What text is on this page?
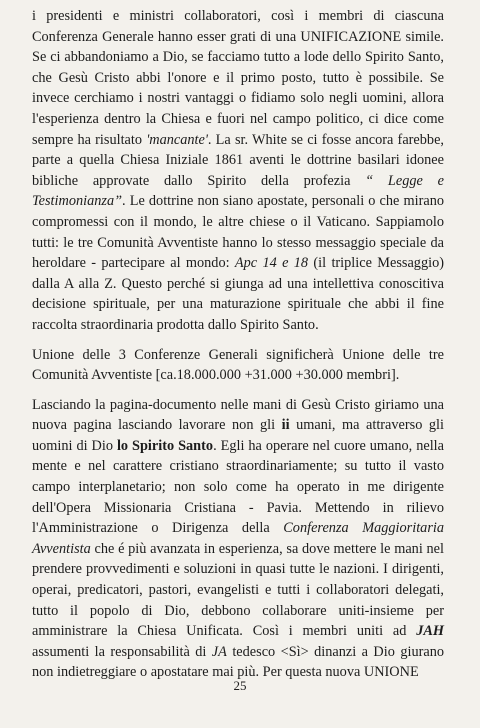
i presidenti e ministri collaboratori, così i membri di ciascuna Conferenza Generale hanno esser grati di una UNIFICAZIONE simile. Se ci abbandoniamo a Dio, se facciamo tutto a lode dello Spirito Santo, che Gesù Cristo abbi l'onore e il primo posto, tutto è possibile. Se invece cerchiamo i nostri vantaggi o fidiamo solo negli uomini, allora l'esperienza dentro la Chiesa e fuori nel campo politico, ci dice come sempre ha risultato 'mancante'. La sr. White se ci fosse ancora farebbe, parte a quella Chiesa Iniziale 1861 aventi le dottrine basilari idonee bibliche approvate dallo Spirito della profezia “ Legge e Testimonianza”. Le dottrine non siano apostate, personali o che mirano compromessi con il mondo, le altre chiese o il Vaticano. Sappiamolo tutti: le tre Comunità Avventiste hanno lo stesso messaggio speciale da heroldare - partecipare al mondo: Apc 14 e 18 (il triplice Messaggio) dalla A alla Z. Questo perché si giunga ad una intellettiva conoscitiva decisione spirituale, per una maturazione spirituale che abbi il fine raccolta straordinaria prodotta dallo Spirito Santo.

Unione delle 3 Conferenze Generali significherà Unione delle tre Comunità Avventiste [ca.18.000.000 +31.000 +30.000 membri].

Lasciando la pagina-documento nelle mani di Gesù Cristo giriamo una nuova pagina lasciando lavorare non gli ii umani, ma attraverso gli uomini di Dio lo Spirito Santo. Egli ha operare nel cuore umano, nella mente e nel carattere cristiano straordinariamente; su tutto il vasto campo interplanetario; non solo come ha operato in me dirigente dell'Opera Missionaria Cristiana - Pavia. Mettendo in rilievo l'Amministrazione o Dirigenza della Conferenza Maggioritaria Avventista che é più avanzata in esperienza, sa dove mettere le mani nel prendere provvedimenti e soluzioni in quasi tutte le nazioni. I dirigenti, operai, predicatori, pastori, evangelisti e tutti i collaboratori delegati, tutto il popolo di Dio, debbono collaborare uniti-insieme per amministrare la Chiesa Unificata. Così i membri uniti ad JAH assumenti la responsabilità di JA tedesco <Sì> dinanzi a Dio giurano non indietreggiare o apostatare mai più. Per questa nuova UNIONE

25
